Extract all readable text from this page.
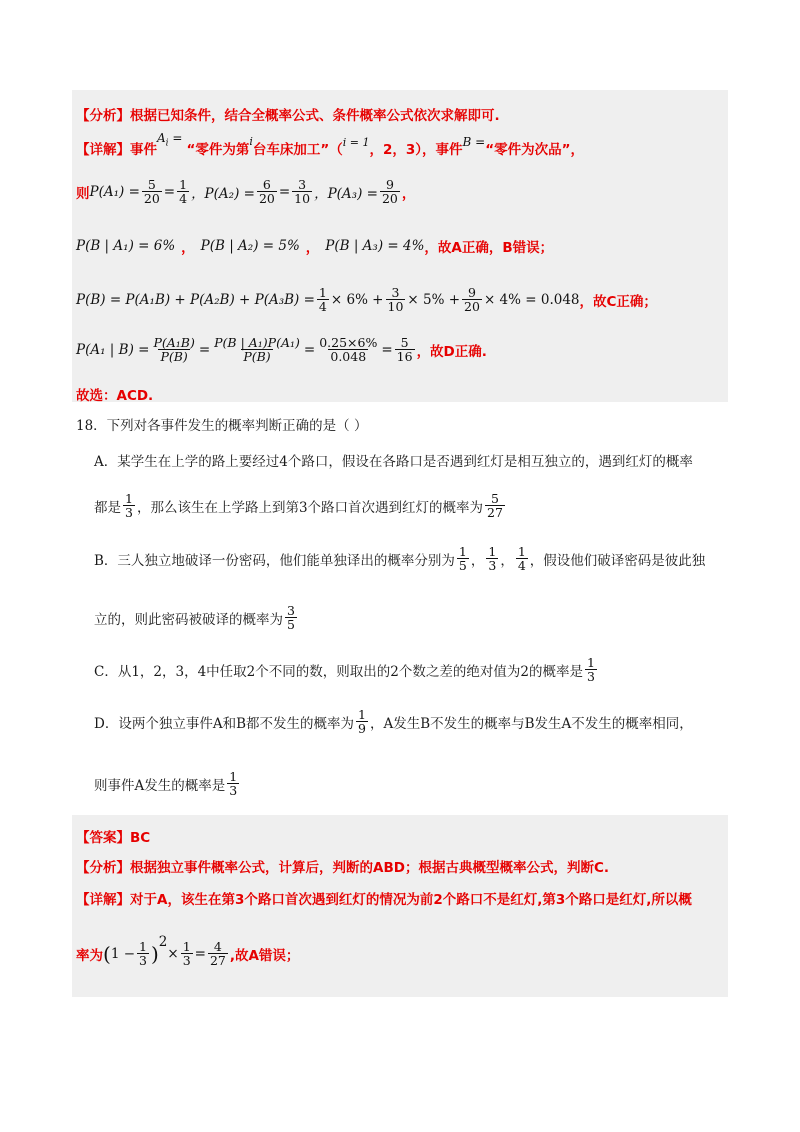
【分析】根据已知条件，结合全概率公式、条件概率公式依次求解即可.
【详解】事件
$A_i$ =
“零件为第
i
台车床加工”（ i = 1 ，2，3），事件 B = “零件为次品”，
则 $P(A_1) = \frac{5}{20} = \frac{1}{4}$ ，$P(A_2) = \frac{6}{20} = \frac{3}{10}$ ，$P(A_3) = \frac{9}{20}$ ，
P(B | A₁) = 6% ， P(B | A₂) = 5% ， P(B | A₃) = 4% ，故A正确，B错误；
$P(B) = P(A_1B) + P(A_2B) + P(A_3B) = \frac{1}{4} \times 6\% + \frac{3}{10} \times 5\% + \frac{9}{20} \times 4\% = 0.048$ ，故C正确；
P(A₁ | $B) = \frac{\text{P(A₁B)}}{P(B)} = \frac{\text{P(B | A₁)P(A₁)}}{P(B)} = \frac{0.25\times 6\%}{0.048} = \frac{5}{16}$ ，故D正确.
故选：ACD.
18．下列对各事件发生的概率判断正确的是（ ）
A．某学生在上学的路上要经过4个路口，假设在各路口是否遇到红灯是相互独立的，遇到红灯的概率
都是 $\frac{1}{3}$ ，那么该生在上学路上到第3个路口首次遇到红灯的概率为 $\frac{5}{27}$
B．三人独立地破译一份密码，他们能单独译出的概率分别为 $\frac{1}{5}$ ， $\frac{1}{3}$ ， $\frac{1}{4}$ ，假设他们破译密码是彼此独
立的，则此密码被破译的概率为 $\frac{3}{5}$
C．从1，2，3，4中任取2个不同的数，则取出的2个数之差的绝对值为2的概率是 $\frac{1}{3}$
D．设两个独立事件A和B都不发生的概率为 $\frac{1}{9}$ ，A发生B不发生的概率与B发生A不发生的概率相同，
则事件A发生的概率是 $\frac{1}{3}$
【答案】BC
【分析】根据独立事件概率公式，计算后，判断的ABD；根据古典概型概率公式，判断C.
【详解】对于A，该生在第3个路口首次遇到红灯的情况为前2个路口不是红灯,第3个路口是红灯,所以概
率为 ( $1 - \frac{1}{3} )^2$
× $\frac{1}{3} = \frac{4}{27}$ ,故A错误；
